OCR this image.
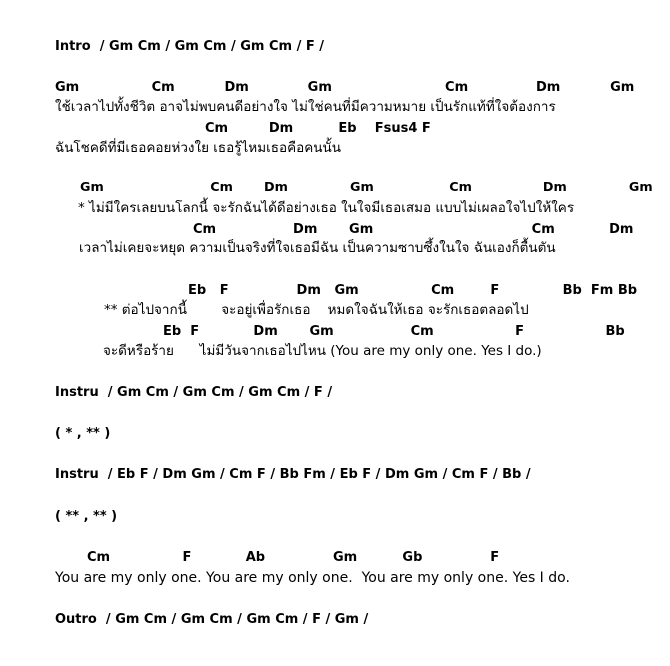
Intro  / Gm Cm / Gm Cm / Gm Cm / F /
Gm                Cm           Dm             Gm                         Cm               Dm           Gm
ใช้เวลาไปทั้งชีวิต อาจไม่พบคนดีอย่างใจ ไม่ใช่คนที่มีความหมาย เป็นรักแท้ที่ใจต้องการ
Cm         Dm          Eb    Fsus4 F
ฉันโชคดีที่มีเธอคอยห่วงใย เธอรู้ไหมเธอคือคนนั้น
Gm                        Cm       Dm              Gm                 Cm                Dm              Gm
* ไม่มีใครเลยบนโลกนี้ จะรักฉันได้ดีอย่างเธอ ในใจมีเธอเสมอ แบบไม่เผลอใจไปให้ใคร
Cm                 Dm       Gm                                   Cm            Dm
เวลาไม่เคยจะหยุด ความเป็นจริงที่ใจเธอมีฉัน เป็นความซาบซึ้งในใจ ฉันเองก็ตื้นตัน
Eb   F               Dm   Gm                Cm        F              Bb  Fm Bb
** ต่อไปจากนี้        จะอยู่เพื่อรักเธอ    หมดใจฉันให้เธอ จะรักเธอตลอดไป
Eb  F            Dm       Gm                 Cm                  F                  Bb
จะดีหรือร้าย      ไม่มีวันจากเธอไปไหน (You are my only one. Yes I do.)
Instru  / Gm Cm / Gm Cm / Gm Cm / F /
( * , ** )
Instru  / Eb F / Dm Gm / Cm F / Bb Fm / Eb F / Dm Gm / Cm F / Bb /
( ** , ** )
Cm                F            Ab               Gm          Gb               F
You are my only one. You are my only one.  You are my only one. Yes I do.
Outro  / Gm Cm / Gm Cm / Gm Cm / F / Gm /
